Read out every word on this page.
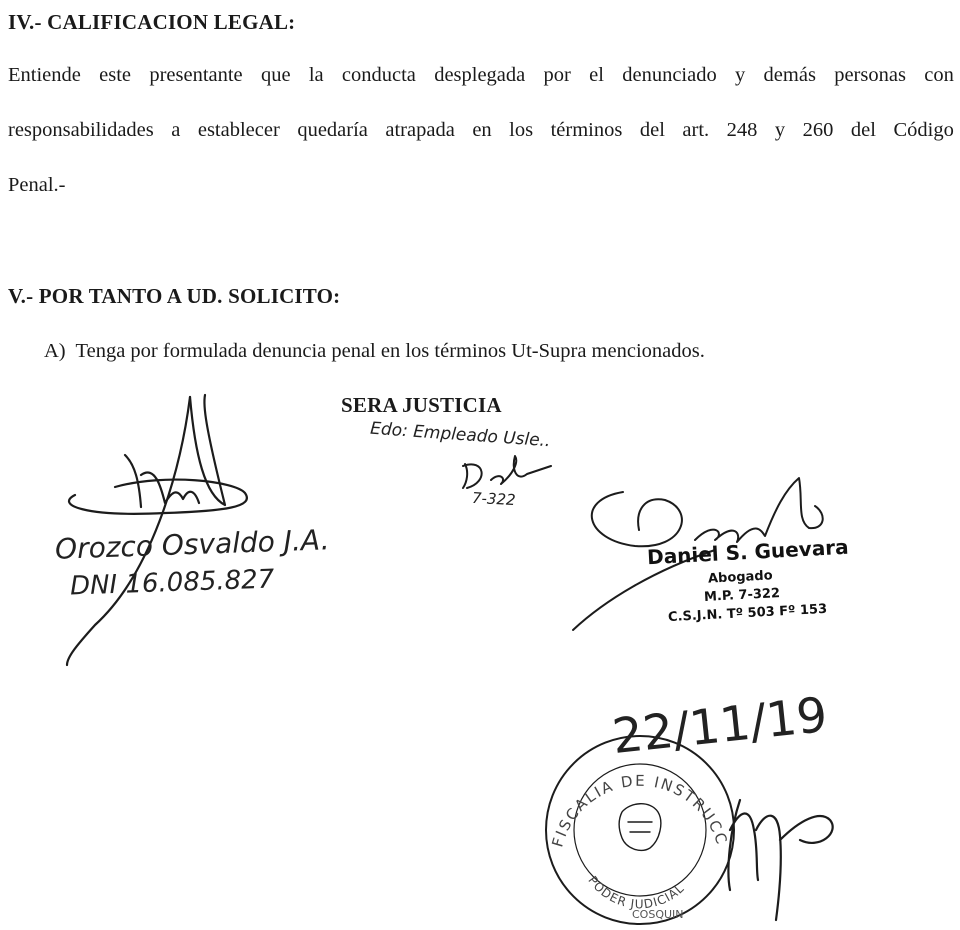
IV.- CALIFICACION LEGAL:
Entiende este presentante que la conducta desplegada por el denunciado y demás personas con
responsabilidades a establecer quedaría atrapada en los términos del art. 248 y 260 del Código
Penal.-
V.- POR TANTO A UD. SOLICITO:
A)  Tenga por formulada denuncia penal en los términos Ut-Supra mencionados.
SERA JUSTICIA
Edo: Empleado Usle..
7-322
Orozco Osvaldo J.A.
DNI 16.085.827
Daniel S. Guevara
Abogado
M.P. 7-322
C.S.J.N. Tº 503 Fº 153
FISCALIA DE INSTRUCCION
PODER JUDICIAL
COSQUIN
22/11/19
